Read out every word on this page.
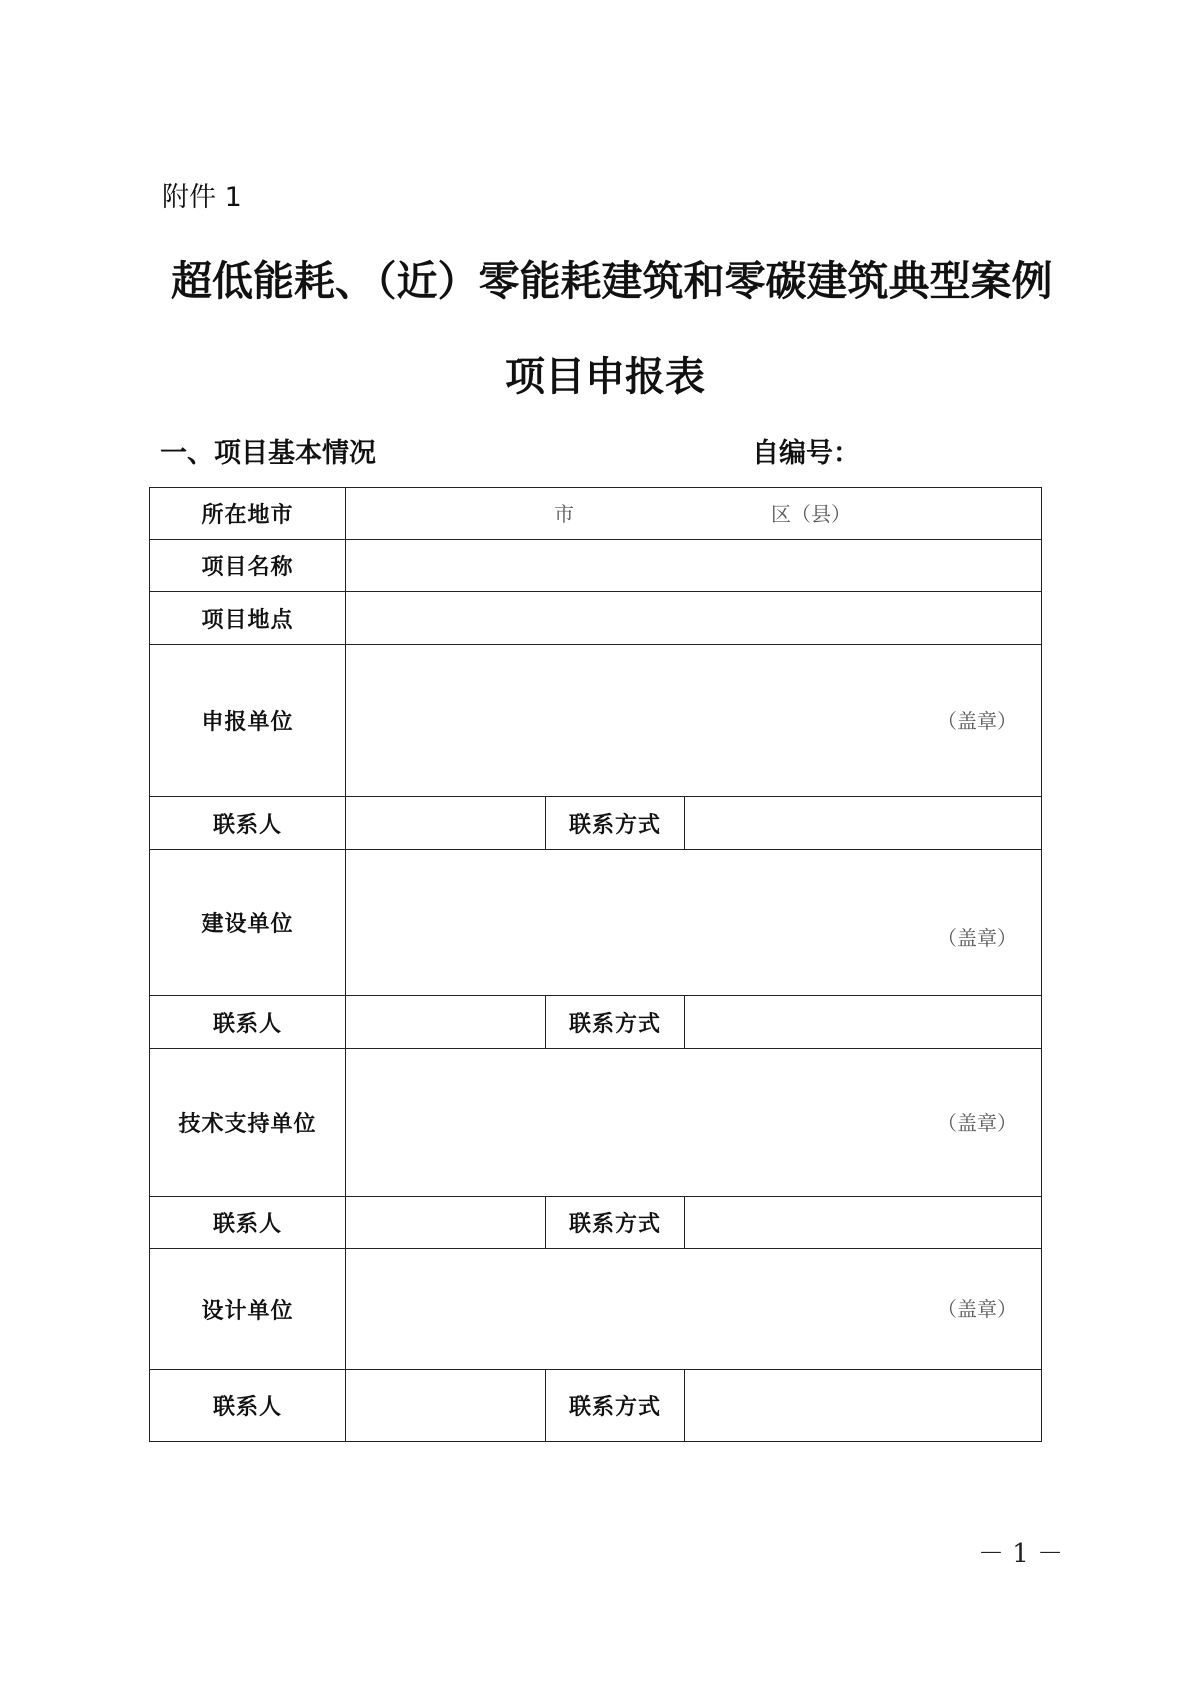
附件 1
超低能耗、（近）零能耗建筑和零碳建筑典型案例
项目申报表
一、项目基本情况	自编号：
所在地市	市 区（县）		

项目名称			
项目地点			
申报单位	（盖章）		

联系人		联系方式	
建设单位	（盖章）		

联系人		联系方式	
技术支持单位	（盖章）		

联系人		联系方式	
设计单位	（盖章）		

联系人		联系方式	
－ 1 －
